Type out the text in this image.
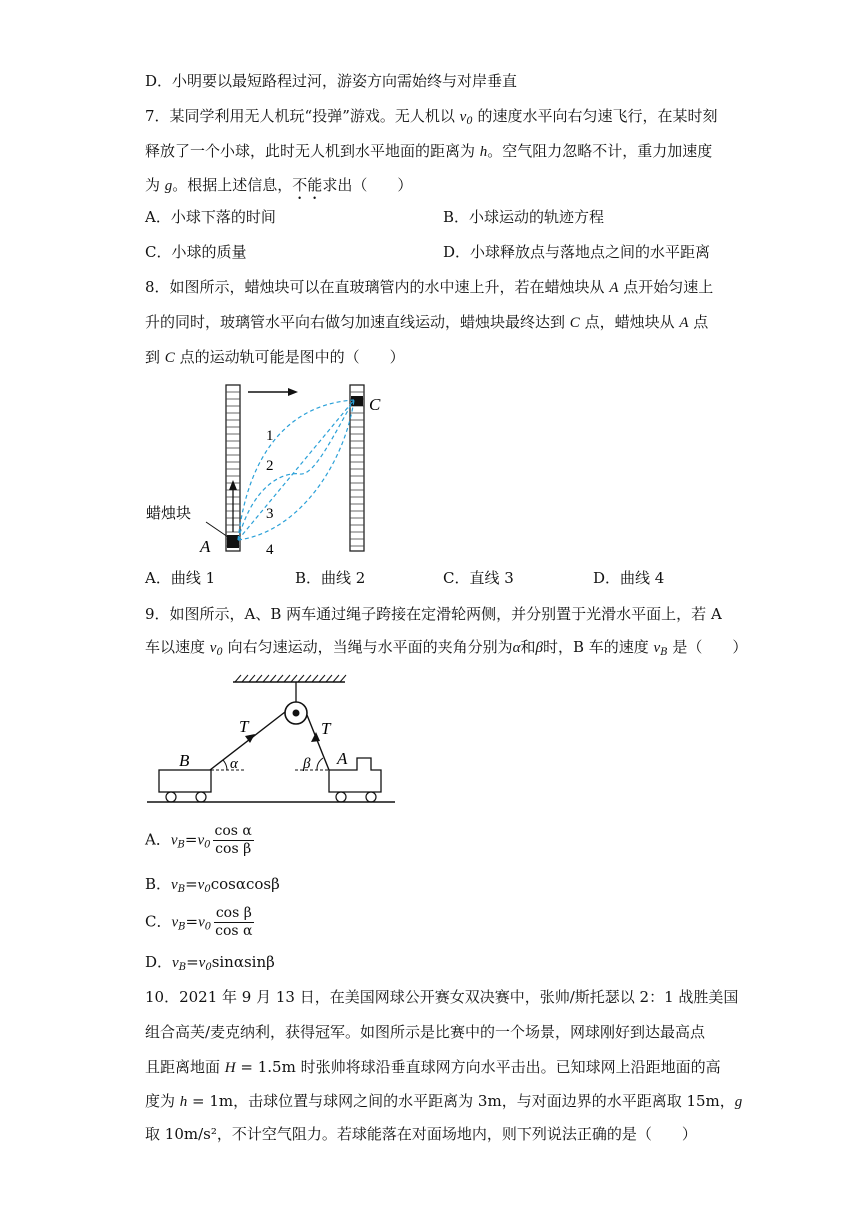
D．小明要以最短路程过河，游姿方向需始终与对岸垂直
7．某同学利用无人机玩“投弹”游戏。无人机以 $v_0$ 的速度水平向右匀速飞行，在某时刻
释放了一个小球，此时无人机到水平地面的距离为 h。空气阻力忽略不计，重力加速度
为 g。根据上述信息，不能求出（　　）
A．小球下落的时间	B．小球运动的轨迹方程
C．小球的质量	D．小球释放点与落地点之间的水平距离
8．如图所示，蜡烛块可以在直玻璃管内的水中速上升，若在蜡烛块从 A 点开始匀速上
升的同时，玻璃管水平向右做匀加速直线运动，蜡烛块最终达到 C 点，蜡烛块从 A 点
到 C 点的运动轨可能是图中的（　　）
1
2
3
4
C
A
蜡烛块
A．曲线 1	B．曲线 2	C．直线 3	D．曲线 4
9．如图所示，A、B 两车通过绳子跨接在定滑轮两侧，并分别置于光滑水平面上，若 A
车以速度 $v_0$ 向右匀速运动，当绳与水平面的夹角分别为α和β时，B 车的速度 $v_B$ 是（　　）
T	T
B	α	β A
A．$v_B=v_0 \frac{\text{cos α}}{\text{cos β}}$
B．$v_B=v_0\cos\alpha\cos\beta$
C．$v_B=v_0 \frac{\text{cos β}}{\text{cos α}}$
D．$v_B=v_0\sin\alpha\sin\beta$
10．2021 年 9 月 13 日，在美国网球公开赛女双决赛中，张帅/斯托瑟以 2：1 战胜美国
组合高芙/麦克纳利，获得冠军。如图所示是比赛中的一个场景，网球刚好到达最高点
且距离地面 H = 1.5m 时张帅将球沿垂直球网方向水平击出。已知球网上沿距地面的高
度为 h = 1m，击球位置与球网之间的水平距离为 3m，与对面边界的水平距离取 15m，g
取 10m/s²，不计空气阻力。若球能落在对面场地内，则下列说法正确的是（　　）
